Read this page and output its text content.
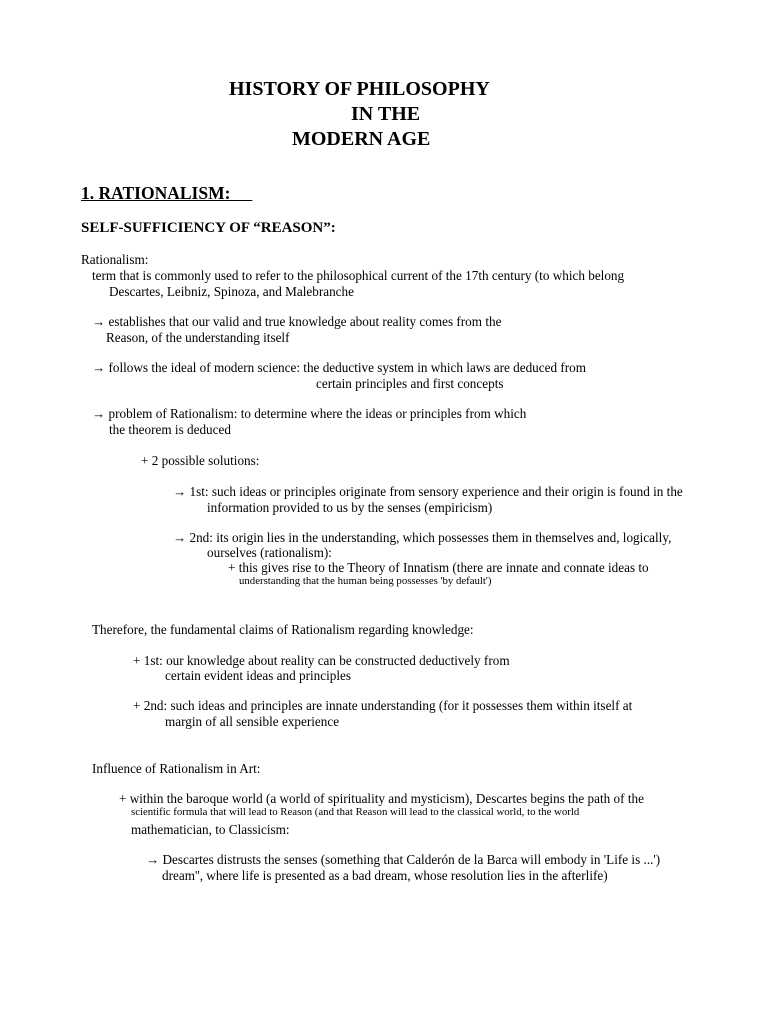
HISTORY OF PHILOSOPHY
IN THE
MODERN AGE
1. RATIONALISM:
SELF-SUFFICIENCY OF “REASON”:
Rationalism:
term that is commonly used to refer to the philosophical current of the 17th century (to which belong
Descartes, Leibniz, Spinoza, and Malebranche
→ establishes that our valid and true knowledge about reality comes from the
Reason, of the understanding itself
→ follows the ideal of modern science: the deductive system in which laws are deduced from
certain principles and first concepts
→ problem of Rationalism: to determine where the ideas or principles from which
the theorem is deduced
+ 2 possible solutions:
→ 1st: such ideas or principles originate from sensory experience and their origin is found in the
information provided to us by the senses (empiricism)
→ 2nd: its origin lies in the understanding, which possesses them in themselves and, logically,
ourselves (rationalism):
+ this gives rise to the Theory of Innatism (there are innate and connate ideas to
understanding that the human being possesses 'by default')
Therefore, the fundamental claims of Rationalism regarding knowledge:
+ 1st: our knowledge about reality can be constructed deductively from
certain evident ideas and principles
+ 2nd: such ideas and principles are innate understanding (for it possesses them within itself at
margin of all sensible experience
Influence of Rationalism in Art:
+ within the baroque world (a world of spirituality and mysticism), Descartes begins the path of the
scientific formula that will lead to Reason (and that Reason will lead to the classical world, to the world
mathematician, to Classicism:
→ Descartes distrusts the senses (something that Calderón de la Barca will embody in 'Life is ...')
dream'', where life is presented as a bad dream, whose resolution lies in the afterlife)
